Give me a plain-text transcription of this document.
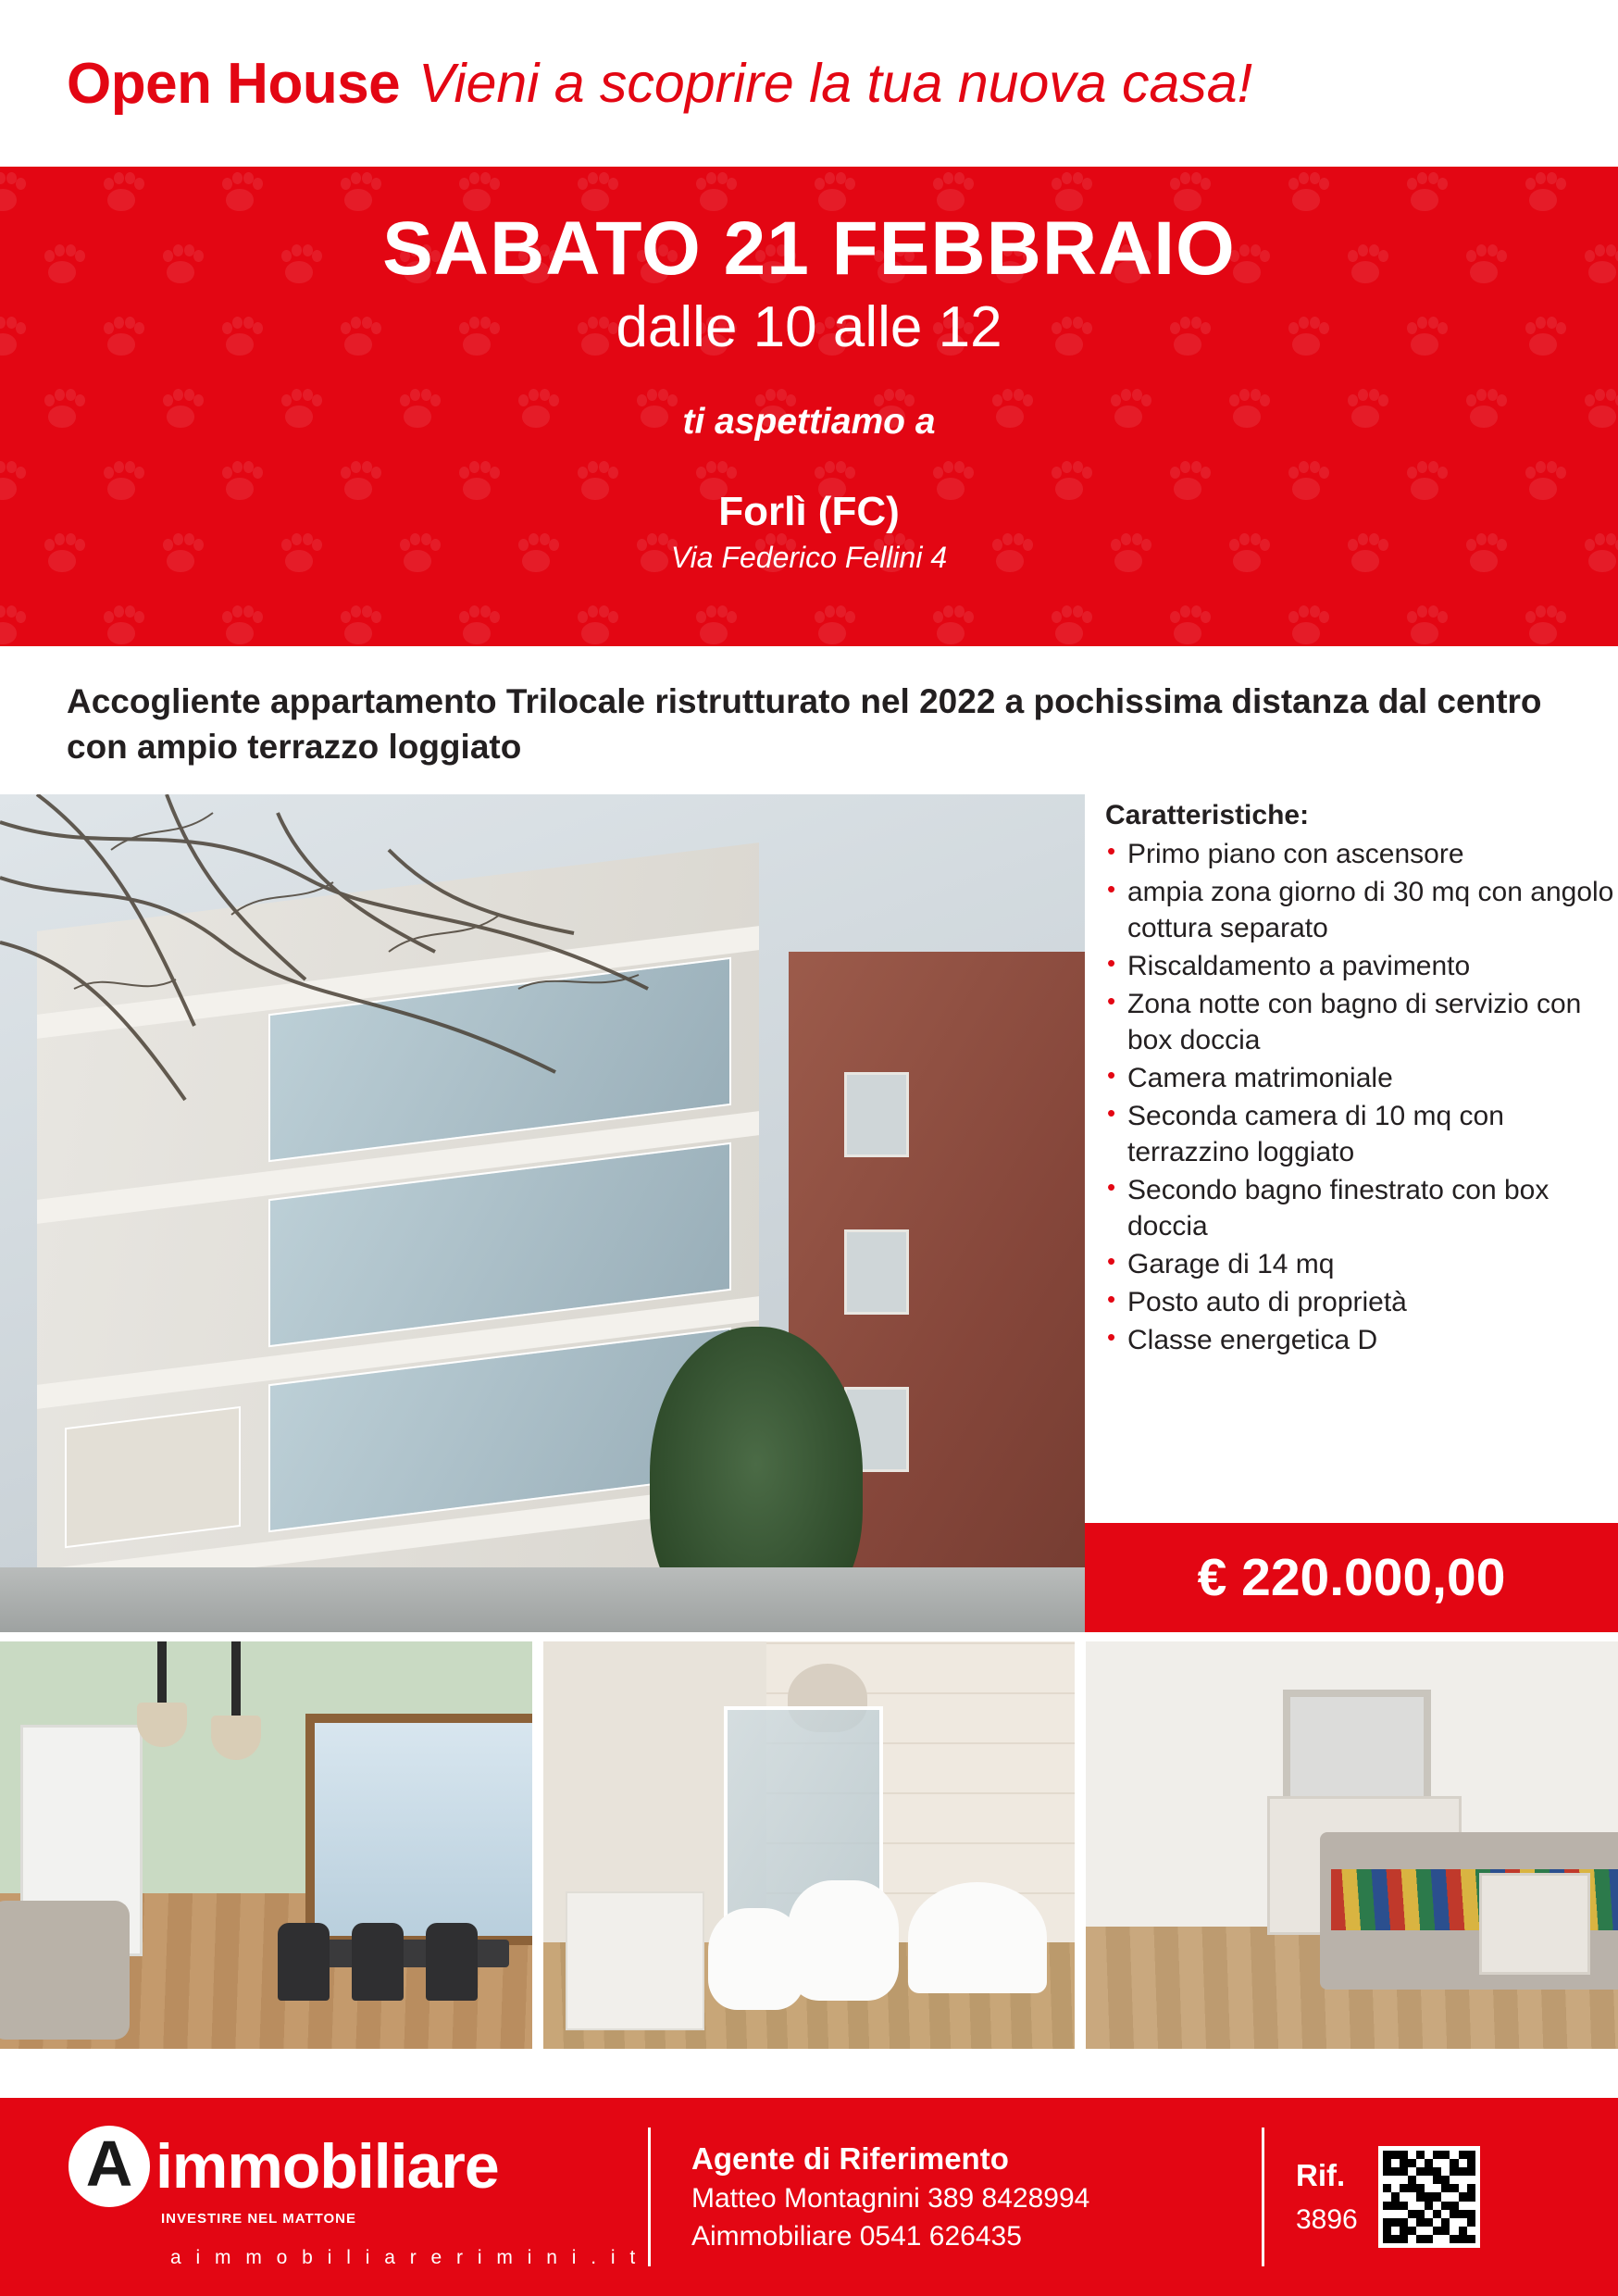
Open House Vieni a scoprire la tua nuova casa!
SABATO 21 FEBBRAIO
dalle 10 alle 12
ti aspettiamo a
Forlì (FC)
Via Federico Fellini 4
Accogliente appartamento Trilocale ristrutturato nel 2022 a pochissima distanza dal centro con ampio terrazzo loggiato
Caratteristiche:
• Primo piano con ascensore
• ampia zona giorno di 30 mq con angolo cottura separato
• Riscaldamento a pavimento
• Zona notte con bagno di servizio con box doccia
• Camera matrimoniale
• Seconda camera di 10 mq con terrazzino loggiato
• Secondo bagno finestrato con box doccia
• Garage di 14 mq
• Posto auto di proprietà
• Classe energetica D
€ 220.000,00
A immobiliare
INVESTIRE NEL MATTONE
a i m m o b i l i a r e r i m i n i . i t
Agente di Riferimento
Matteo Montagnini 389 8428994
Aimmobiliare 0541 626435
Rif.
3896
